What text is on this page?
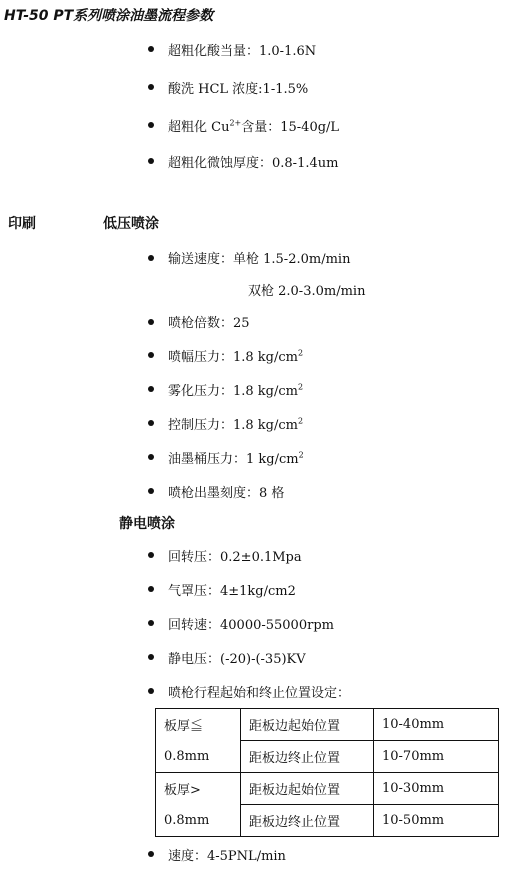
HT-50 PT系列喷涂油墨流程参数
超粗化酸当量：1.0-1.6N
酸洗 HCL 浓度:1-1.5%
超粗化 $Cu^{2+}$含量：15-40g/L
超粗化微蚀厚度：0.8-1.4um
印刷	低压喷涂
输送速度：单枪 1.5-2.0m/min
双枪 2.0-3.0m/min
喷枪倍数：25
喷幅压力：1.8 $kg/cm^2$
雾化压力：1.8 $kg/cm^2$
控制压力：1.8 $kg/cm^2$
油墨桶压力：1 $kg/cm^2$
喷枪出墨刻度：8 格
静电喷涂
回转压：0.2±0.1Mpa
气罩压：4±1kg/cm2
回转速：40000-55000rpm
静电压：(-20)-(-35)KV
喷枪行程起始和终止位置设定：
板厚≦	距板边起始位置	10-40mm
0.8mm	距板边终止位置	10-70mm
板厚>	距板边起始位置	10-30mm
0.8mm	距板边终止位置	10-50mm
速度：4-5PNL/min
